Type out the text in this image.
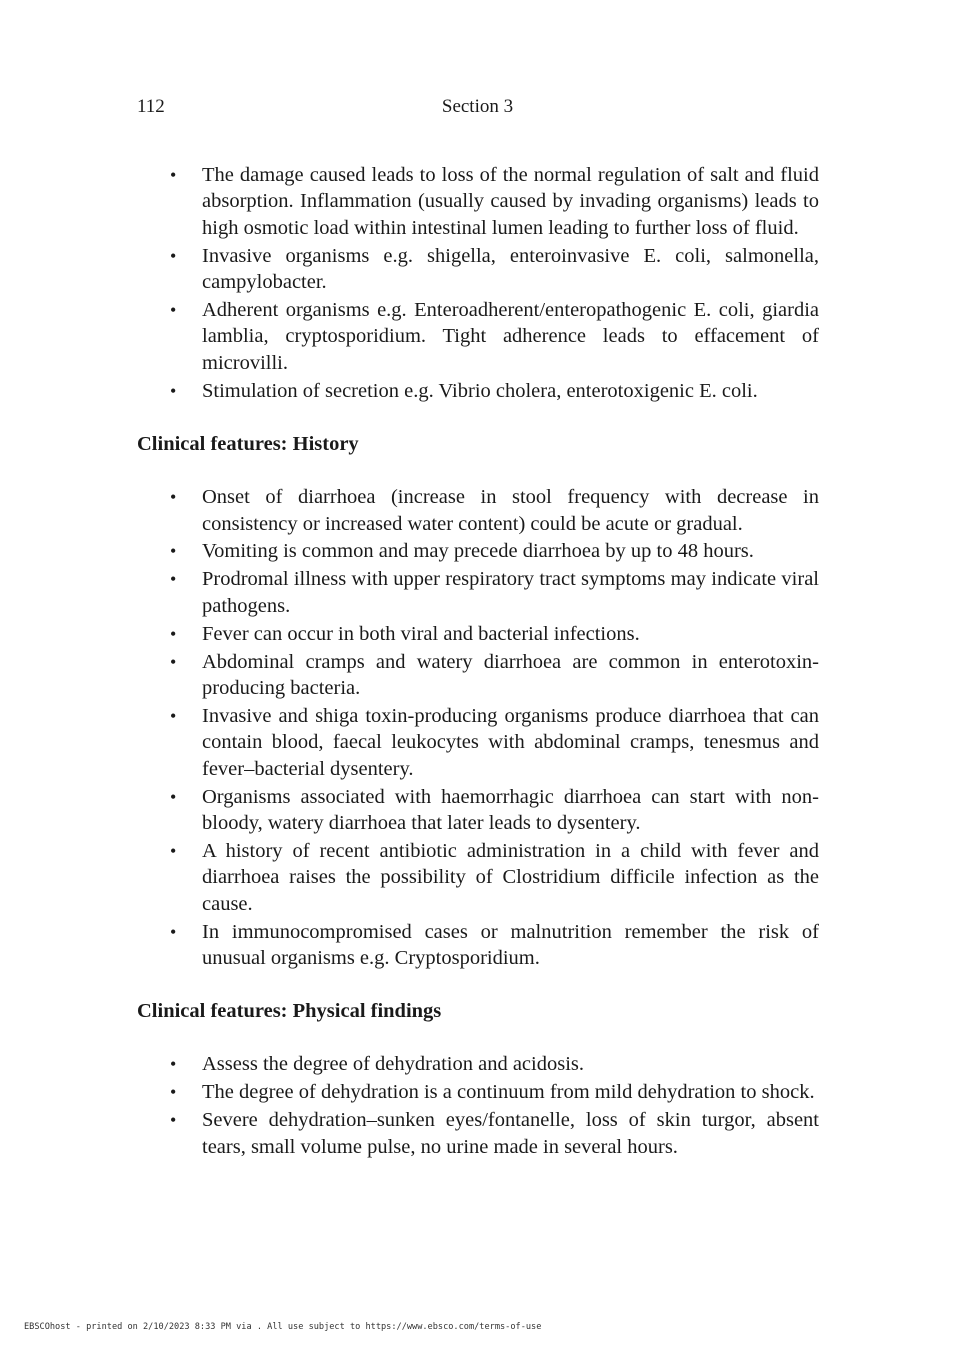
112	Section 3
• The damage caused leads to loss of the normal regulation of salt and fluid absorption. Inflammation (usually caused by invading organisms) leads to high osmotic load within intestinal lumen leading to further loss of fluid.
• Invasive organisms e.g. shigella, enteroinvasive E. coli, salmonella, campylobacter.
• Adherent organisms e.g. Enteroadherent/enteropathogenic E. coli, giardia lamblia, cryptosporidium. Tight adherence leads to effacement of microvilli.
• Stimulation of secretion e.g. Vibrio cholera, enterotoxigenic E. coli.
Clinical features: History
• Onset of diarrhoea (increase in stool frequency with decrease in consistency or increased water content) could be acute or gradual.
• Vomiting is common and may precede diarrhoea by up to 48 hours.
• Prodromal illness with upper respiratory tract symptoms may indicate viral pathogens.
• Fever can occur in both viral and bacterial infections.
• Abdominal cramps and watery diarrhoea are common in enterotoxin-producing bacteria.
• Invasive and shiga toxin-producing organisms produce diarrhoea that can contain blood, faecal leukocytes with abdominal cramps, tenesmus and fever–bacterial dysentery.
• Organisms associated with haemorrhagic diarrhoea can start with non-bloody, watery diarrhoea that later leads to dysentery.
• A history of recent antibiotic administration in a child with fever and diarrhoea raises the possibility of Clostridium difficile infection as the cause.
• In immunocompromised cases or malnutrition remember the risk of unusual organisms e.g. Cryptosporidium.
Clinical features: Physical findings
• Assess the degree of dehydration and acidosis.
• The degree of dehydration is a continuum from mild dehydration to shock.
• Severe dehydration–sunken eyes/fontanelle, loss of skin turgor, absent tears, small volume pulse, no urine made in several hours.
EBSCOhost - printed on 2/10/2023 8:33 PM via . All use subject to https://www.ebsco.com/terms-of-use
